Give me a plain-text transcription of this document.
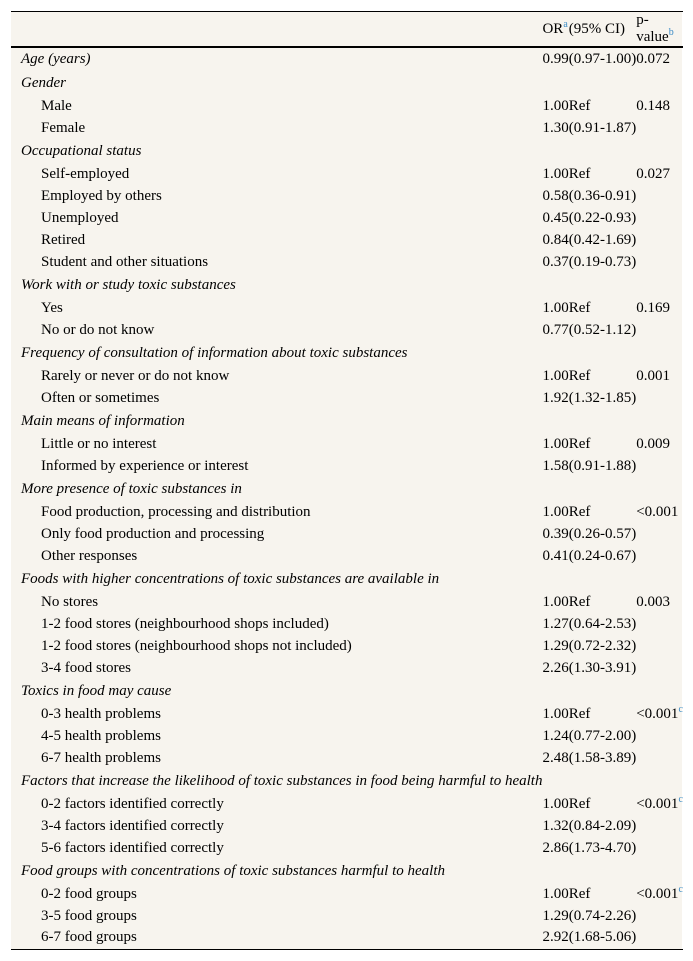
	$OR^a$	(95% CI)	p-value$^b$
Age (years)	0.99	(0.97-1.00)	0.072
Gender			
Male	1.00	Ref	0.148
Female	1.30	(0.91-1.87)	
Occupational status			
Self-employed	1.00	Ref	0.027
Employed by others	0.58	(0.36-0.91)	
Unemployed	0.45	(0.22-0.93)	
Retired	0.84	(0.42-1.69)	
Student and other situations	0.37	(0.19-0.73)	
Work with or study toxic substances			
Yes	1.00	Ref	0.169
No or do not know	0.77	(0.52-1.12)	
Frequency of consultation of information about toxic substances			
Rarely or never or do not know	1.00	Ref	0.001
Often or sometimes	1.92	(1.32-1.85)	
Main means of information			
Little or no interest	1.00	Ref	0.009
Informed by experience or interest	1.58	(0.91-1.88)	
More presence of toxic substances in			
Food production, processing and distribution	1.00	Ref	<0.001
Only food production and processing	0.39	(0.26-0.57)	
Other responses	0.41	(0.24-0.67)	
Foods with higher concentrations of toxic substances are available in			
No stores	1.00	Ref	0.003
1-2 food stores (neighbourhood shops included)	1.27	(0.64-2.53)	
1-2 food stores (neighbourhood shops not included)	1.29	(0.72-2.32)	
3-4 food stores	2.26	(1.30-3.91)	
Toxics in food may cause			
0-3 health problems	1.00	Ref	<0.001$^c$
4-5 health problems	1.24	(0.77-2.00)	
6-7 health problems	2.48	(1.58-3.89)	
Factors that increase the likelihood of toxic substances in food being harmful to health			
0-2 factors identified correctly	1.00	Ref	<0.001$^c$
3-4 factors identified correctly	1.32	(0.84-2.09)	
5-6 factors identified correctly	2.86	(1.73-4.70)	
Food groups with concentrations of toxic substances harmful to health			
0-2 food groups	1.00	Ref	<0.001$^c$
3-5 food groups	1.29	(0.74-2.26)	
6-7 food groups	2.92	(1.68-5.06)	
